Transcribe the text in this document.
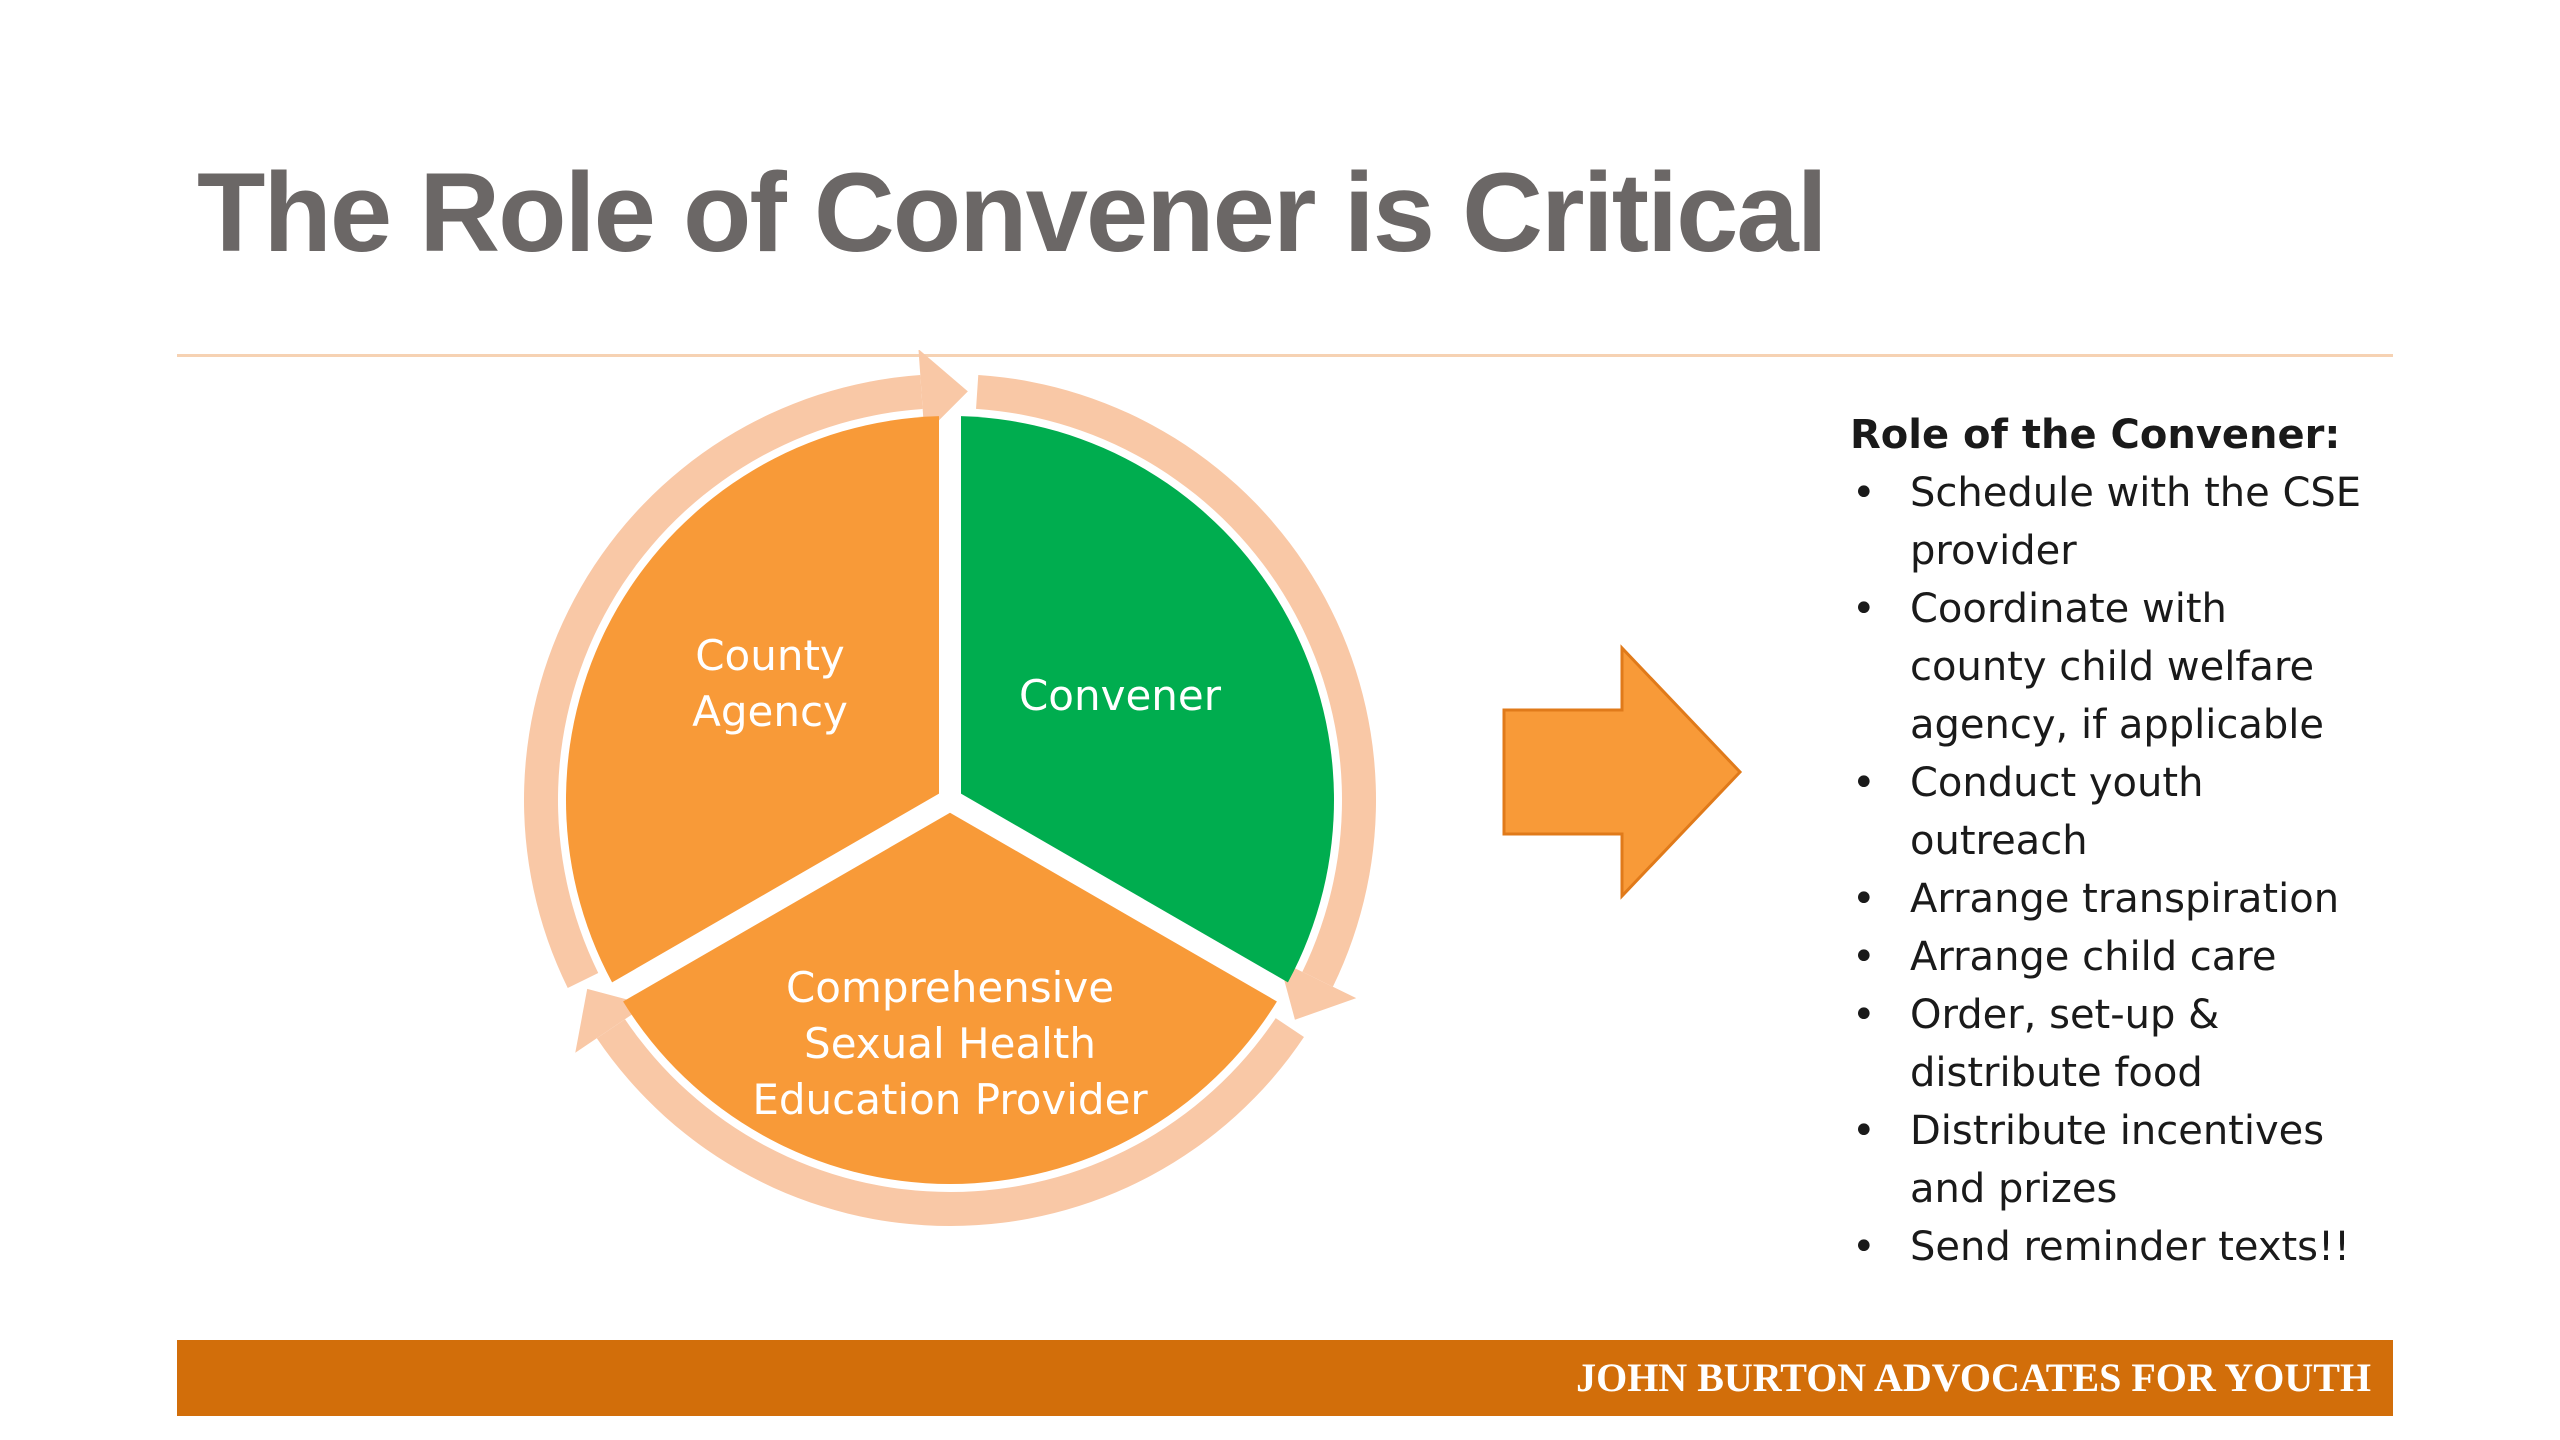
The Role of Convener is Critical
County Agency	Convener
Comprehensive Sexual Health Education Provider

Role of the Convener:

• Schedule with the CSE
provider
• Coordinate with
county child welfare
agency, if applicable
• Conduct youth
outreach
• Arrange transpiration
• Arrange child care
• Order, set-up &
distribute food
• Distribute incentives
and prizes
• Send reminder texts!!
JOHN BURTON ADVOCATES FOR YOUTH
